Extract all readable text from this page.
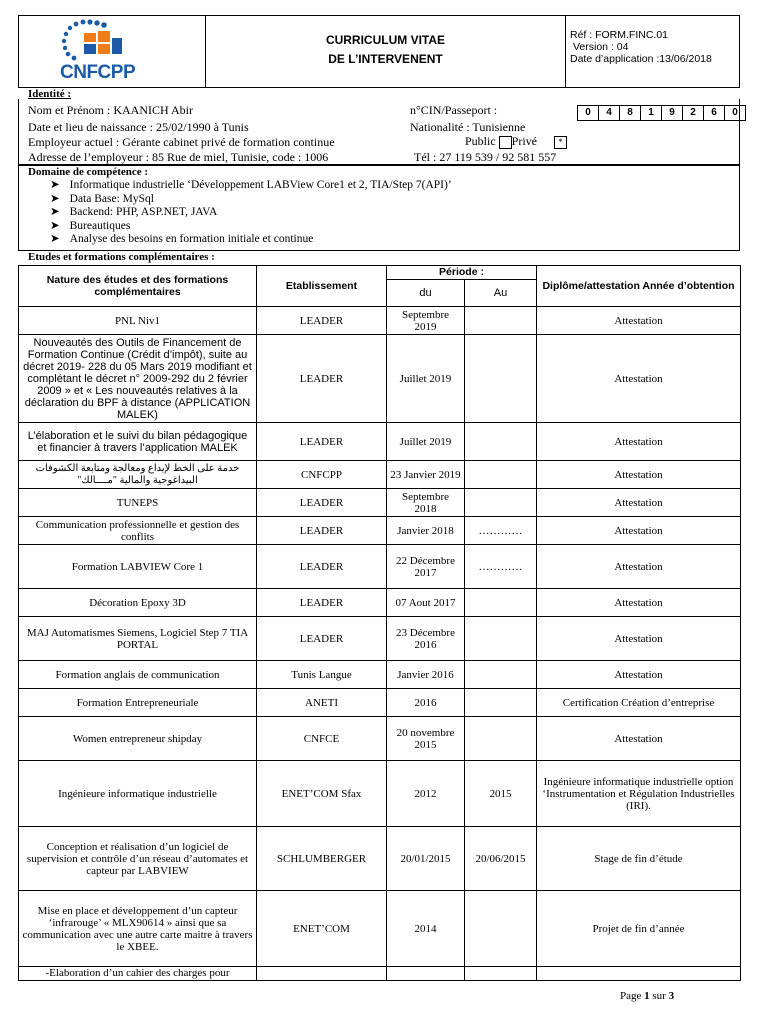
CNFCPP
CURRICULUM VITAE
DE L’INTERVENENT
Réf : FORM.FINC.01
Version : 04
Date d’application :13/06/2018
Identité :
Nom et Prénom : KAANICH Abir
Date et lieu de naissance : 25/02/1990 à Tunis
Employeur actuel : Gérante cabinet privé de formation continue
Adresse de l’employeur : 85 Rue de miel, Tunisie, code : 1006
n°CIN/Passeport :	0	4	8	1	9	2	6	0
Nationalité : Tunisienne
Public Privé *
Tél : 27 119 539 / 92 581 557
Domaine de compétence :
➤ Informatique industrielle ‘Développement LABView Core1 et 2, TIA/Step 7(API)’
➤ Data Base: MySql
➤ Backend: PHP, ASP.NET, JAVA
➤ Bureautiques
➤ Analyse des besoins en formation initiale et continue
Etudes et formations complémentaires :
Nature des études et des formations complémentaires	Etablissement	Période :		Diplôme/attestation Année d’obtention
		du	Au	
PNL Niv1	LEADER	Septembre 2019		Attestation
Nouveautés des Outils de Financement de Formation Continue (Crédit d’impôt), suite au décret 2019- 228 du 05 Mars 2019 modifiant et complétant le décret n° 2009-292 du 2 février 2009 » et « Les nouveautés relatives à la déclaration du BPF à distance (APPLICATION MALEK)	LEADER	Juillet 2019		Attestation
L’élaboration et le suivi du bilan pédagogique et financier à travers l’application MALEK	LEADER	Juillet 2019		Attestation
خدمة على الخط لإيداع ومعالجة ومتابعة الكشوفات البيداغوجية والمالية "مــــالك"	CNFCPP	23 Janvier 2019		Attestation
TUNEPS	LEADER	Septembre 2018		Attestation
Communication professionnelle et gestion des conflits	LEADER	Janvier 2018	…………	Attestation
Formation LABVIEW Core 1	LEADER	22 Décembre 2017	…………	Attestation
Décoration Epoxy 3D	LEADER	07 Aout 2017		Attestation
MAJ Automatismes Siemens, Logiciel Step 7 TIA PORTAL	LEADER	23 Décembre 2016		Attestation
Formation anglais de communication	Tunis Langue	Janvier 2016		Attestation
Formation Entrepreneuriale	ANETI	2016		Certification Création d’entreprise
Women entrepreneur shipday	CNFCE	20 novembre 2015		Attestation
Ingénieure informatique industrielle	ENET’COM Sfax	2012	2015	Ingénieure informatique industrielle option ‘Instrumentation et Régulation Industrielles (IRI).
Conception et réalisation d’un logiciel de supervision et contrôle d’un réseau d’automates et capteur par LABVIEW	SCHLUMBERGER	20/01/2015	20/06/2015	Stage de fin d’étude
Mise en place et développement d’un capteur ‘infrarouge’ « MLX90614 » ainsi que sa communication avec une autre carte maitre à travers le XBEE.	ENET’COM	2014		Projet de fin d’année
-Elaboration d’un cahier des charges pour				
Page 1 sur 3
